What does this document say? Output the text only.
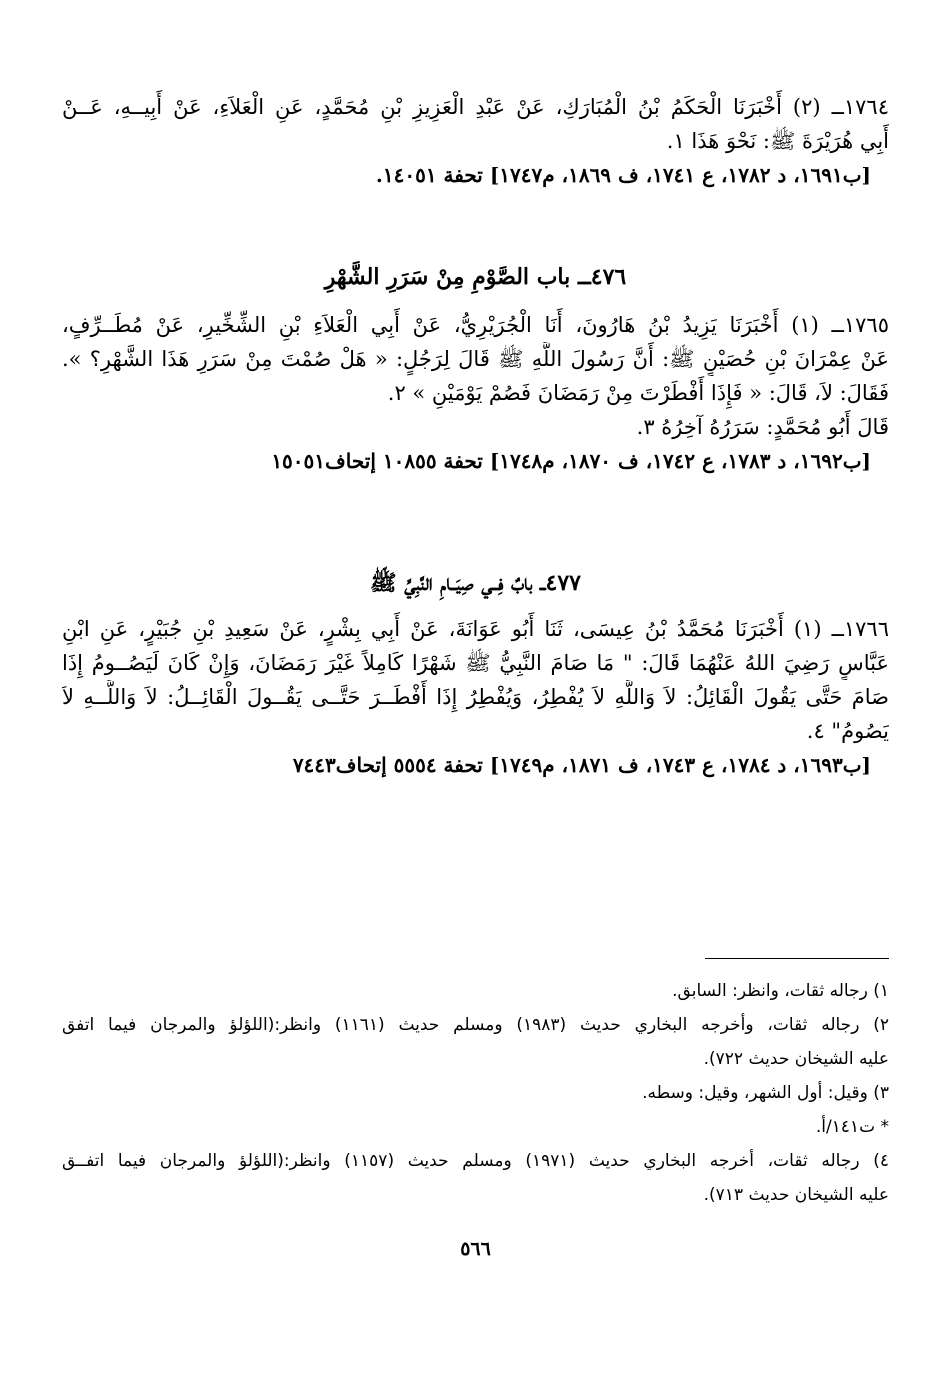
١٧٦٤ــ (٢) أَخْبَرَنَا الْحَكَمُ بْنُ الْمُبَارَكِ، عَنْ عَبْدِ الْعَزِيزِ بْنِ مُحَمَّدٍ، عَنِ الْعَلاَءِ، عَنْ أَبِيــهِ، عَــنْ
أَبِي هُرَيْرَةَ ﷺ: نَحْوَ هَذَا ١.
[ب١٦٩١، د ١٧٨٢، ع ١٧٤١، ف ١٨٦٩، م١٧٤٧] تحفة ١٤٠٥١.
٤٧٦ــ باب الصَّوْمِ مِنْ سَرَرِ الشَّهْرِ
١٧٦٥ــ (١) أَخْبَرَنَا يَزِيدُ بْنُ هَارُونَ، أَنَا الْجُرَيْرِيُّ، عَنْ أَبِي الْعَلاَءِ بْنِ الشِّخِّيرِ، عَنْ مُطَــرِّفٍ،
عَنْ عِمْرَانَ بْنِ حُصَيْنٍ ﷺ: أَنَّ رَسُولَ اللَّهِ ﷺ قَالَ لِرَجُلٍ: « هَلْ صُمْتَ مِنْ سَرَرِ هَذَا الشَّهْرِ؟ ».
فَقَالَ: لاَ، قَالَ: « فَإِذَا أَفْطَرْتَ مِنْ رَمَضَانَ فَصُمْ يَوْمَيْنِ » ٢.
قَالَ أَبُو مُحَمَّدٍ: سَرَرُهُ آخِرُهُ ٣.
[ب١٦٩٢، د ١٧٨٣، ع ١٧٤٢، ف ١٨٧٠، م١٧٤٨] تحفة ١٠٨٥٥ إتحاف١٥٠٥١
٤٧٧ــ بابٌ فِــي صِيَــامِ النَّبِيِّ ﷺ
١٧٦٦ــ (١) أَخْبَرَنَا مُحَمَّدُ بْنُ عِيسَى، ثَنَا أَبُو عَوَانَةَ، عَنْ أَبِي بِشْرٍ، عَنْ سَعِيدِ بْنِ جُبَيْرٍ، عَنِ ابْنِ
عَبَّاسٍ رَضِيَ اللهُ عَنْهُمَا قَالَ: " مَا صَامَ النَّبِيُّ ﷺ شَهْرًا كَامِلاً غَيْرَ رَمَضَانَ، وَإِنْ كَانَ لَيَصُــومُ إِذَا
صَامَ حَتَّى يَقُولَ الْقَائِلُ: لاَ وَاللَّهِ لاَ يُفْطِرُ، وَيُفْطِرُ إِذَا أَفْطَــرَ حَتَّــى يَقُــولَ الْقَائِــلُ: لاَ وَاللَّــهِ لاَ
يَصُومُ" ٤.
[ب١٦٩٣، د ١٧٨٤، ع ١٧٤٣، ف ١٨٧١، م١٧٤٩] تحفة ٥٥٥٤ إتحاف٧٤٤٣
١) رجاله ثقات، وانظر: السابق.
٢) رجاله ثقات، وأخرجه البخاري حديث (١٩٨٣) ومسلم حديث (١١٦١) وانظر:(اللؤلؤ والمرجان فيما اتفق
عليه الشيخان حديث ٧٢٢).
٣) وقيل: أول الشهر، وقيل: وسطه.
* ت١٤١/أ.
٤) رجاله ثقات، أخرجه البخاري حديث (١٩٧١) ومسلم حديث (١١٥٧) وانظر:(اللؤلؤ والمرجان فيما اتفــق
عليه الشيخان حديث ٧١٣).
٥٦٦
